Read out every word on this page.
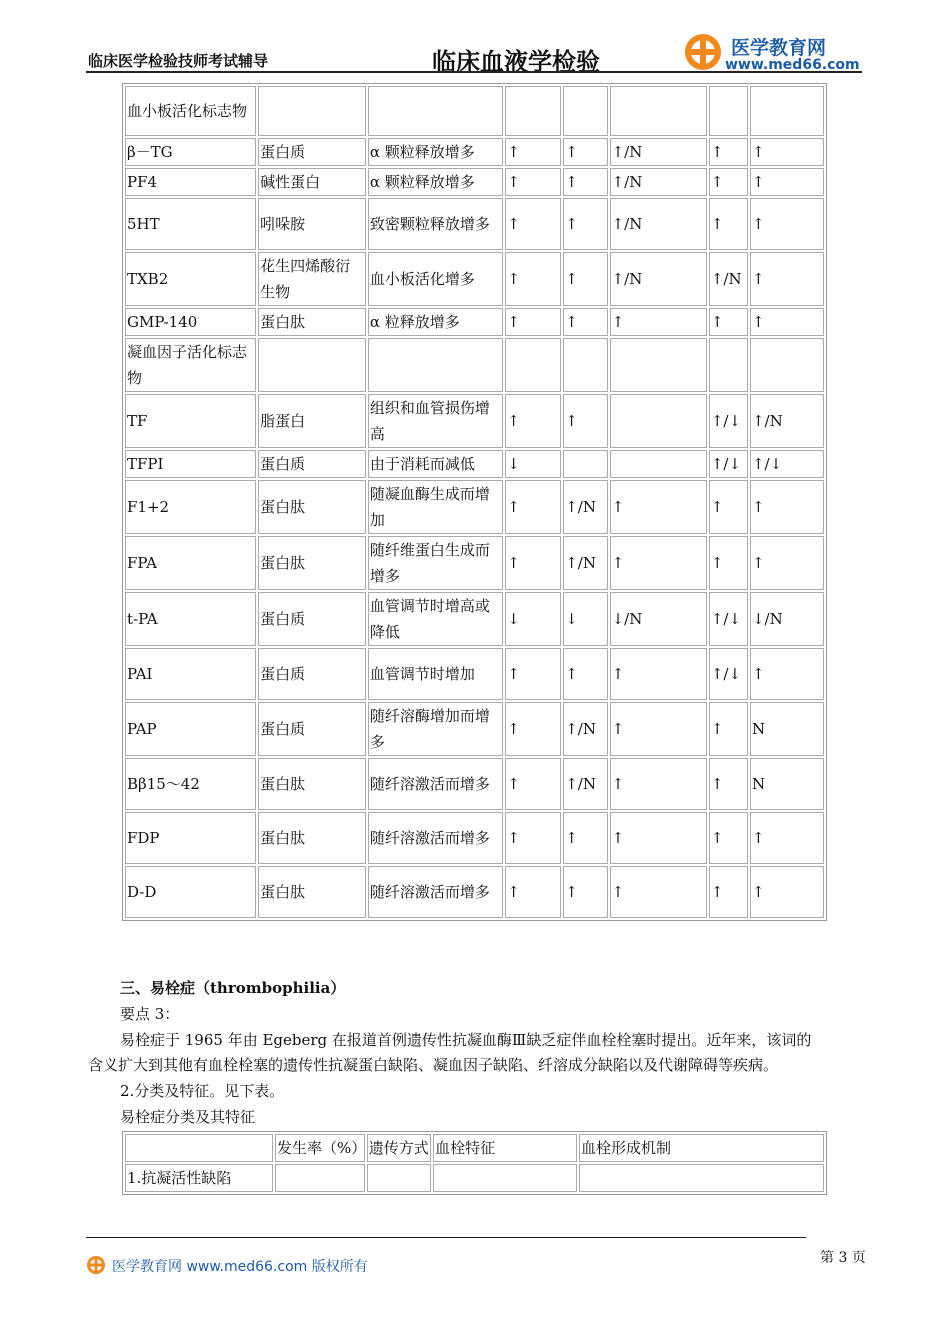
临床医学检验技师考试辅导	临床血液学检验	医学教育网
www.med66.com
血小板活化标志物							
β－TG	蛋白质	α 颗粒释放增多	↑	↑	↑/N	↑	↑
PF4	碱性蛋白	α 颗粒释放增多	↑	↑	↑/N	↑	↑
5HT	吲哚胺	致密颗粒释放增多	↑	↑	↑/N	↑	↑
TXB2	花生四烯酸衍生物	血小板活化增多	↑	↑	↑/N	↑/N	↑
GMP-140	蛋白肽	α 粒释放增多	↑	↑	↑	↑	↑
凝血因子活化标志物							
TF	脂蛋白	组织和血管损伤增高	↑	↑		↑/↓	↑/N
TFPI	蛋白质	由于消耗而减低	↓			↑/↓	↑/↓
F1+2	蛋白肽	随凝血酶生成而增加	↑	↑/N	↑	↑	↑
FPA	蛋白肽	随纤维蛋白生成而增多	↑	↑/N	↑	↑	↑
t-PA	蛋白质	血管调节时增高或降低	↓	↓	↓/N	↑/↓	↓/N
PAI	蛋白质	血管调节时增加	↑	↑	↑	↑/↓	↑
PAP	蛋白质	随纤溶酶增加而增多	↑	↑/N	↑	↑	N
Bβ15～42	蛋白肽	随纤溶激活而增多	↑	↑/N	↑	↑	N
FDP	蛋白肽	随纤溶激活而增多	↑	↑	↑	↑	↑
D-D	蛋白肽	随纤溶激活而增多	↑	↑	↑	↑	↑
三、易栓症（thrombophilia）
要点 3：
易栓症于 1965 年由 Egeberg 在报道首例遗传性抗凝血酶Ⅲ缺乏症伴血栓栓塞时提出。近年来，该词的
含义扩大到其他有血栓栓塞的遗传性抗凝蛋白缺陷、凝血因子缺陷、纤溶成分缺陷以及代谢障碍等疾病。
2.分类及特征。见下表。
易栓症分类及其特征
	发生率（%）	遗传方式	血栓特征	血栓形成机制
1.抗凝活性缺陷				
医学教育网 www.med66.com 版权所有
第 3 页
